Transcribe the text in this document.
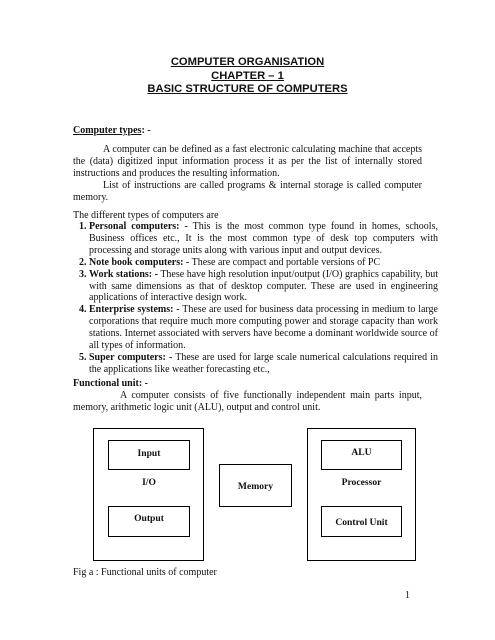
COMPUTER ORGANISATION
CHAPTER – 1
BASIC STRUCTURE OF COMPUTERS
Computer types: -
A computer can be defined as a fast electronic calculating machine that accepts the (data) digitized input information process it as per the list of internally stored instructions and produces the resulting information.
List of instructions are called programs & internal storage is called computer memory.
The different types of computers are
1. Personal computers: - This is the most common type found in homes, schools, Business offices etc., It is the most common type of desk top computers with processing and storage units along with various input and output devices.
2. Note book computers: - These are compact and portable versions of PC
3. Work stations: - These have high resolution input/output (I/O) graphics capability, but with same dimensions as that of desktop computer. These are used in engineering applications of interactive design work.
4. Enterprise systems: - These are used for business data processing in medium to large corporations that require much more computing power and storage capacity than work stations. Internet associated with servers have become a dominant worldwide source of all types of information.
5. Super computers: - These are used for large scale numerical calculations required in the applications like weather forecasting etc.,
Functional unit: -
A computer consists of five functionally independent main parts input, memory, arithmetic logic unit (ALU), output and control unit.
Input
I/O
Output
Memory
ALU
Processor
Control Unit
Fig a : Functional units of computer
1
